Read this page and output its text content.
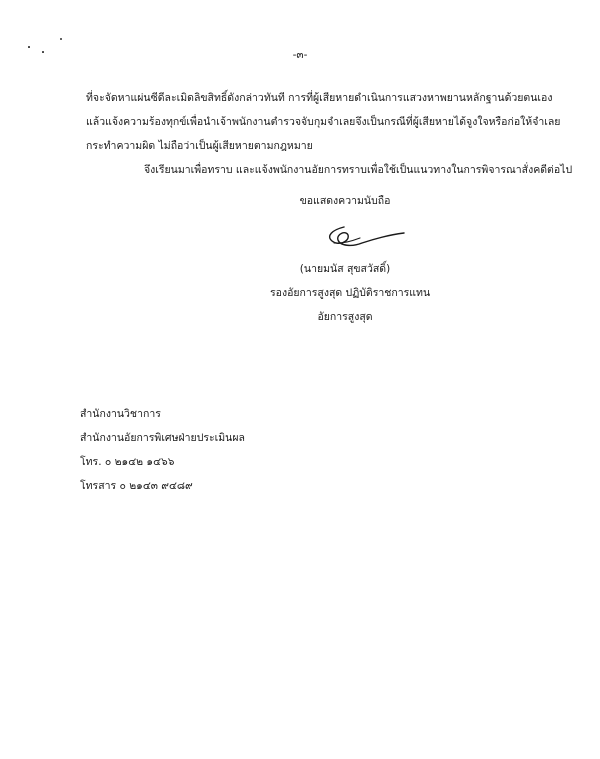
-๓-
ที่จะจัดหาแผ่นซีดีละเมิดลิขสิทธิ์ดังกล่าวทันที การที่ผู้เสียหายดำเนินการแสวงหาพยานหลักฐานด้วยตนเอง
แล้วแจ้งความร้องทุกข์เพื่อนำเจ้าพนักงานตำรวจจับกุมจำเลยจึงเป็นกรณีที่ผู้เสียหายได้จูงใจหรือก่อให้จำเลย
กระทำความผิด ไม่ถือว่าเป็นผู้เสียหายตามกฎหมาย
จึงเรียนมาเพื่อทราบ และแจ้งพนักงานอัยการทราบเพื่อใช้เป็นแนวทางในการพิจารณาสั่งคดีต่อไป
ขอแสดงความนับถือ
(นายมนัส สุขสวัสดิ์)
รองอัยการสูงสุด ปฏิบัติราชการแทน
อัยการสูงสุด
สำนักงานวิชาการ
สำนักงานอัยการพิเศษฝ่ายประเมินผล
โทร. ๐ ๒๑๔๒ ๑๔๖๖
โทรสาร ๐ ๒๑๔๓ ๙๔๘๙
